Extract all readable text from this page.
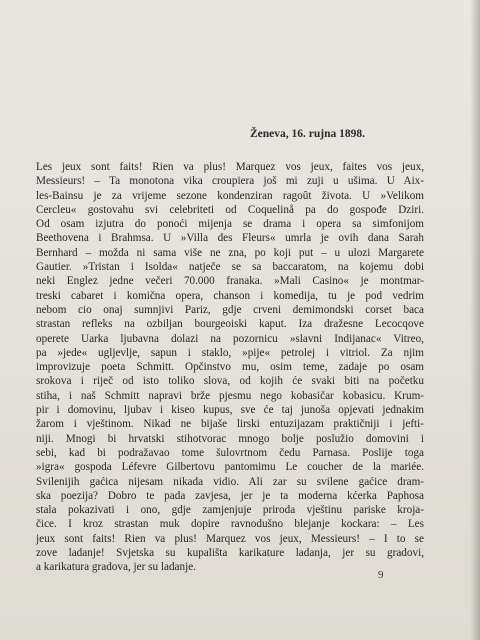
Ženeva, 16. rujna 1898.
Les jeux sont faits! Rien va plus! Marquez vos jeux, faites vos jeux,
Messieurs! – Ta monotona vika croupiera još mi zuji u ušima. U Aix-
les-Bainsu je za vrijeme sezone kondenziran ragoût života. U »Velikom
Cercleu« gostovahu svi celebriteti od Coquelinå pa do gospođe Dziri.
Od osam izjutra do ponoći mijenja se drama i opera sa simfonijom
Beethovena i Brahmsa. U »Villa des Fleurs« umrla je ovih dana Sarah
Bernhard – možda ni sama više ne zna, po koji put – u ulozi Margarete
Gautier. »Tristan i Isolda« natječe se sa baccaratom, na kojemu dobi
neki Englez jedne večeri 70.000 franaka. »Mali Casino« je montmar-
treski cabaret i komična opera, chanson i komedija, tu je pod vedrim
nebom cio onaj sumnjivi Pariz, gdje crveni demimondski corset baca
strastan refleks na ozbiljan bourgeoiski kaput. Iza dražesne Lecocqove
operete Uarka ljubavna dolazi na pozornicu »slavni Indijanac« Vitreo,
pa »jede« ugljevlje, sapun i staklo, »pije« petrolej i vitriol. Za njim
improvizuje poeta Schmitt. Opčinstvo mu, osim teme, zadaje po osam
srokova i riječ od isto toliko slova, od kojih će svaki biti na početku
stiha, i naš Schmitt napravi brže pjesmu nego kobasičar kobasicu. Krum-
pir i domovinu, ljubav i kiseo kupus, sve će taj junoša opjevati jednakim
žarom i vještinom. Nikad ne bijaše lirski entuzijazam praktičniji i jefti-
niji. Mnogi bi hrvatski stihotvorac mnogo bolje poslužio domovini i
sebi, kad bi podražavao tome šulovrtnom čedu Parnasa. Poslije toga
»igra« gospoda Léfevre Gilbertovu pantomimu Le coucher de la mariée.
Svilenijih gaćica nijesam nikada vidio. Ali zar su svilene gaćice dram-
ska poezija? Dobro te pada zavjesa, jer je ta moderna kćerka Paphosa
stala pokazivati i ono, gdje zamjenjuje priroda vještinu pariske kroja-
čice. I kroz strastan muk dopire ravnodušno blejanje kockara: – Les
jeux sont faits! Rien va plus! Marquez vos jeux, Messieurs! – I to se
zove ladanje! Svjetska su kupališta karikature ladanja, jer su gradovi,
a karikatura gradova, jer su ladanje.
9
